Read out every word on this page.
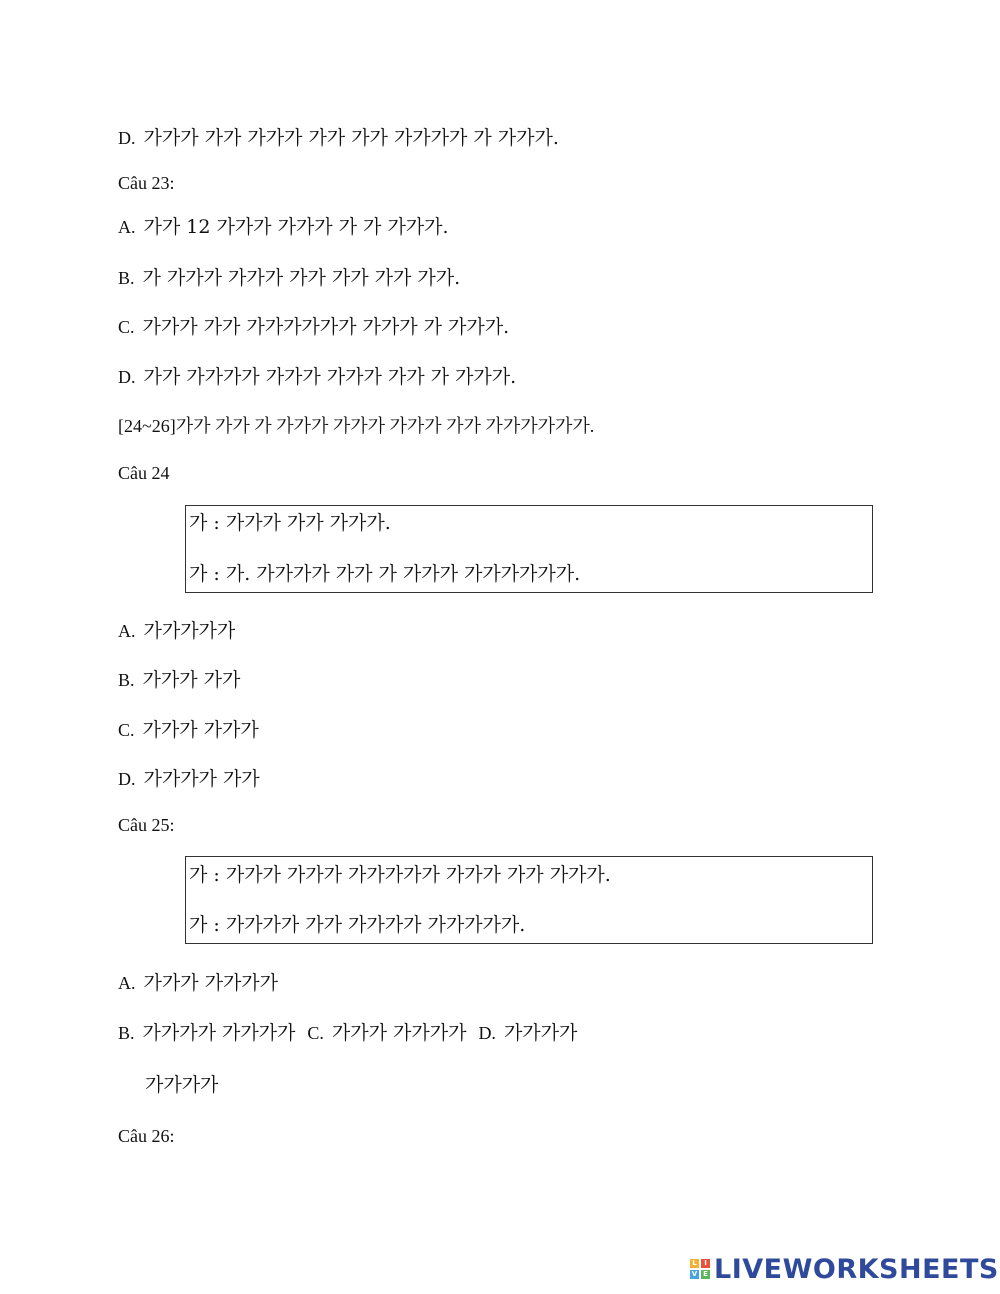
D. 가가가 가가 가가가 가가 가가 가가가가 가 가가가.
Câu 23:
A. 가가 12 가가가 가가가 가 가 가가가.
B. 가 가가가 가가가 가가 가가 가가 가가.
C. 가가가 가가 가가가가가가 가가가 가 가가가.
D. 가가 가가가가 가가가 가가가 가가 가 가가가.
[24~26]가가 가가 가 가가가 가가가 가가가 가가 가가가가가가.
Câu 24
가 : 가가가 가가 가가가.
가 : 가. 가가가가 가가 가 가가가 가가가가가가.
A. 가가가가가
B. 가가가 가가
C. 가가가 가가가
D. 가가가가 가가
Câu 25:
가 : 가가가 가가가 가가가가가 가가가 가가 가가가.
가 : 가가가가 가가 가가가가 가가가가가.
A. 가가가 가가가가
B. 가가가가 가가가가 C. 가가가 가가가가 D. 가가가가
가가가가
Câu 26:
L	I
V E LIVEWORKSHEETS
